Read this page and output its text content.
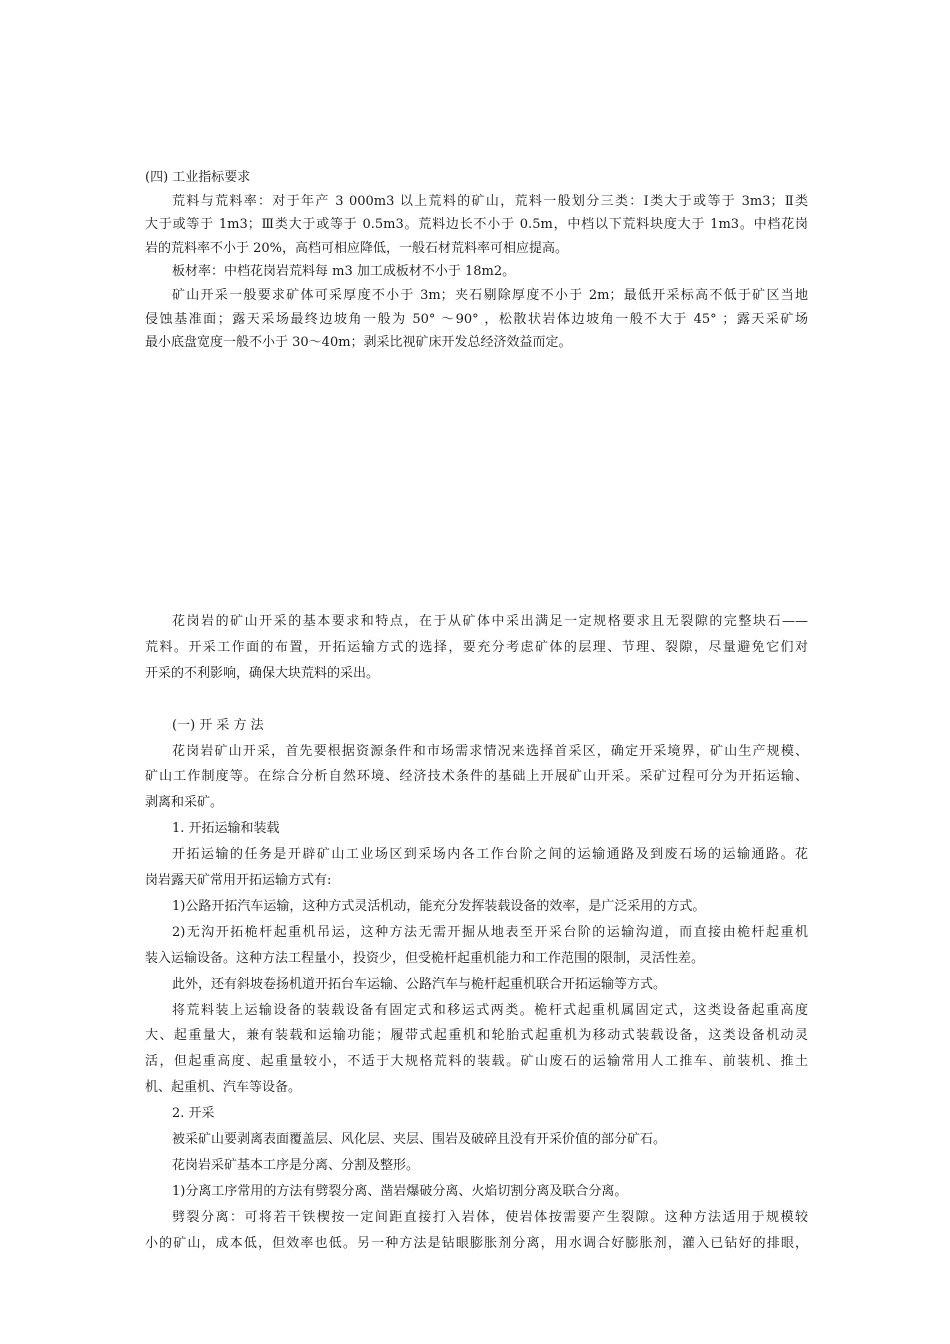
(四) 工业指标要求
荒料与荒料率：对于年产 3 000m3 以上荒料的矿山，荒料一般划分三类：Ⅰ类大于或等于 3m3；Ⅱ类
大于或等于 1m3；Ⅲ类大于或等于 0.5m3。荒料边长不小于 0.5m，中档以下荒料块度大于 1m3。中档花岗
岩的荒料率不小于 20%，高档可相应降低，一般石材荒料率可相应提高。
板材率：中档花岗岩荒料每 m3 加工成板材不小于 18m2。
矿山开采一般要求矿体可采厚度不小于 3m；夹石剔除厚度不小于 2m；最低开采标高不低于矿区当地
侵蚀基准面；露天采场最终边坡角一般为 50° ～90° ，松散状岩体边坡角一般不大于 45° ；露天采矿场
最小底盘宽度一般不小于 30～40m；剥采比视矿床开发总经济效益而定。
花岗岩的矿山开采的基本要求和特点，在于从矿体中采出满足一定规格要求且无裂隙的完整块石——
荒料。开采工作面的布置，开拓运输方式的选择，要充分考虑矿体的层理、节理、裂隙，尽量避免它们对
开采的不利影响，确保大块荒料的采出。
(一) 开 采 方 法
花岗岩矿山开采，首先要根据资源条件和市场需求情况来选择首采区，确定开采境界，矿山生产规模、
矿山工作制度等。在综合分析自然环境、经济技术条件的基础上开展矿山开采。采矿过程可分为开拓运输、
剥离和采矿。
1. 开拓运输和装载
开拓运输的任务是开辟矿山工业场区到采场内各工作台阶之间的运输通路及到废石场的运输通路。花
岗岩露天矿常用开拓运输方式有:
1)公路开拓汽车运输，这种方式灵活机动，能充分发挥装载设备的效率，是广泛采用的方式。
2)无沟开拓桅杆起重机吊运，这种方法无需开掘从地表至开采台阶的运输沟道，而直接由桅杆起重机
装入运输设备。这种方法工程量小，投资少，但受桅杆起重机能力和工作范围的限制，灵活性差。
此外，还有斜坡卷扬机道开拓台车运输、公路汽车与桅杆起重机联合开拓运输等方式。
将荒料装上运输设备的装载设备有固定式和移运式两类。桅杆式起重机属固定式，这类设备起重高度
大、起重量大，兼有装载和运输功能；履带式起重机和轮胎式起重机为移动式装载设备，这类设备机动灵
活，但起重高度、起重量较小，不适于大规格荒料的装载。矿山废石的运输常用人工推车、前装机、推土
机、起重机、汽车等设备。
2. 开采
被采矿山要剥离表面覆盖层、风化层、夹层、围岩及破碎且没有开采价值的部分矿石。
花岗岩采矿基本工序是分离、分割及整形。
1)分离工序常用的方法有劈裂分离、凿岩爆破分离、火焰切割分离及联合分离。
劈裂分离：可将若干铁楔按一定间距直接打入岩体，使岩体按需要产生裂隙。这种方法适用于规模较
小的矿山，成本低，但效率也低。另一种方法是钻眼膨胀剂分离，用水调合好膨胀剂，灌入已钻好的排眼，
